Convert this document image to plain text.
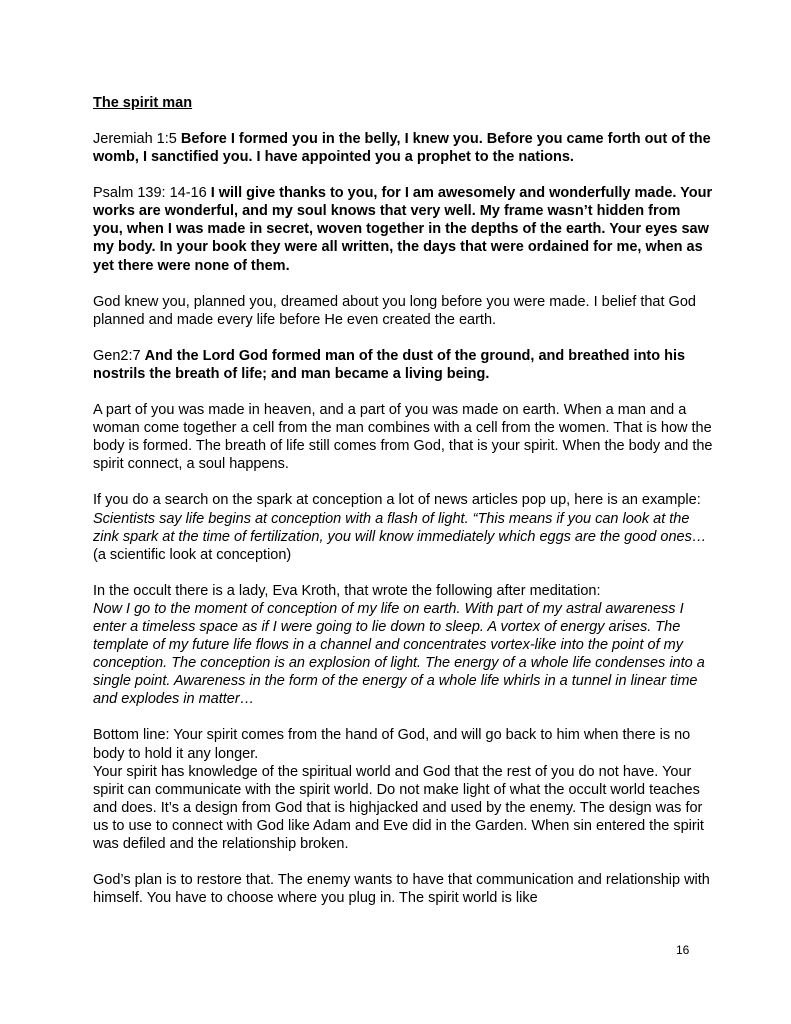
The spirit man

Jeremiah 1:5 Before I formed you in the belly, I knew you. Before you came forth out of the womb, I sanctified you. I have appointed you a prophet to the nations.

Psalm 139: 14-16 I will give thanks to you, for I am awesomely and wonderfully made. Your works are wonderful, and my soul knows that very well. My frame wasn’t hidden from you, when I was made in secret, woven together in the depths of the earth. Your eyes saw my body. In your book they were all written, the days that were ordained for me, when as yet there were none of them.

God knew you, planned you, dreamed about you long before you were made. I belief that God planned and made every life before He even created the earth.

Gen2:7 And the Lord God formed man of the dust of the ground, and breathed into his nostrils the breath of life; and man became a living being.

A part of you was made in heaven, and a part of you was made on earth. When a man and a woman come together a cell from the man combines with a cell from the women. That is how the body is formed. The breath of life still comes from God, that is your spirit. When the body and the spirit connect, a soul happens.

If you do a search on the spark at conception a lot of news articles pop up, here is an example:

Scientists say life begins at conception with a flash of light. “This means if you can look at the zink spark at the time of fertilization, you will know immediately which eggs are the good ones… (a scientific look at conception)

In the occult there is a lady, Eva Kroth, that wrote the following after meditation:

Now I go to the moment of conception of my life on earth. With part of my astral awareness I enter a timeless space as if I were going to lie down to sleep. A vortex of energy arises. The template of my future life flows in a channel and concentrates vortex-like into the point of my conception. The conception is an explosion of light. The energy of a whole life condenses into a single point. Awareness in the form of the energy of a whole life whirls in a tunnel in linear time and explodes in matter…

Bottom line: Your spirit comes from the hand of God, and will go back to him when there is no body to hold it any longer.

Your spirit has knowledge of the spiritual world and God that the rest of you do not have. Your spirit can communicate with the spirit world. Do not make light of what the occult world teaches and does. It’s a design from God that is highjacked and used by the enemy. The design was for us to use to connect with God like Adam and Eve did in the Garden. When sin entered the spirit was defiled and the relationship broken.

God’s plan is to restore that. The enemy wants to have that communication and relationship with himself. You have to choose where you plug in. The spirit world is like

16
